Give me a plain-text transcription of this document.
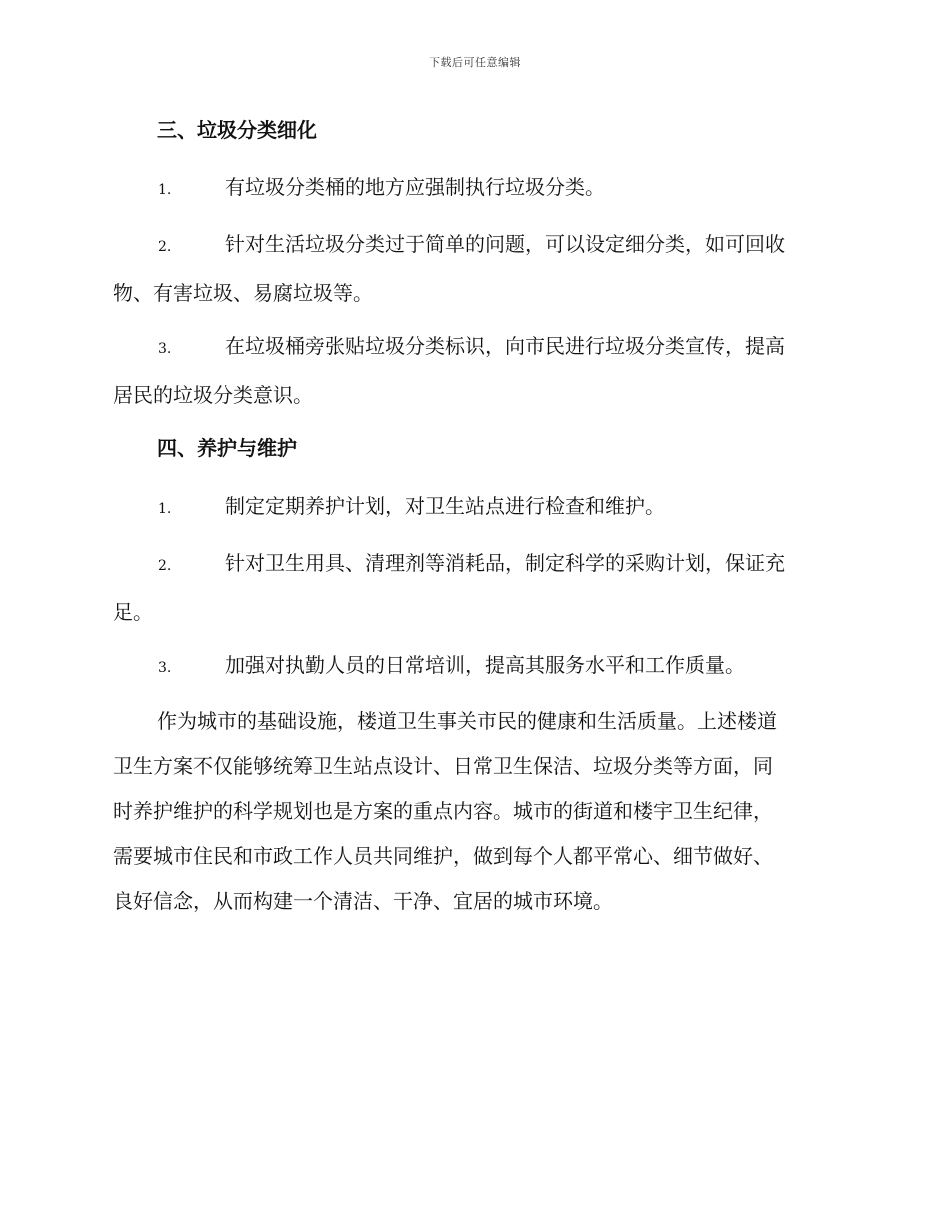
下载后可任意编辑
三、垃圾分类细化
1.	有垃圾分类桶的地方应强制执行垃圾分类。
2.	针对生活垃圾分类过于简单的问题，可以设定细分类，如可回收
物、有害垃圾、易腐垃圾等。
3.	在垃圾桶旁张贴垃圾分类标识，向市民进行垃圾分类宣传，提高
居民的垃圾分类意识。
四、养护与维护
1.	制定定期养护计划，对卫生站点进行检查和维护。
2.	针对卫生用具、清理剂等消耗品，制定科学的采购计划，保证充
足。
3.	加强对执勤人员的日常培训，提高其服务水平和工作质量。
作为城市的基础设施，楼道卫生事关市民的健康和生活质量。上述楼道
卫生方案不仅能够统筹卫生站点设计、日常卫生保洁、垃圾分类等方面，同
时养护维护的科学规划也是方案的重点内容。城市的街道和楼宇卫生纪律，
需要城市住民和市政工作人员共同维护，做到每个人都平常心、细节做好、
良好信念，从而构建一个清洁、干净、宜居的城市环境。
